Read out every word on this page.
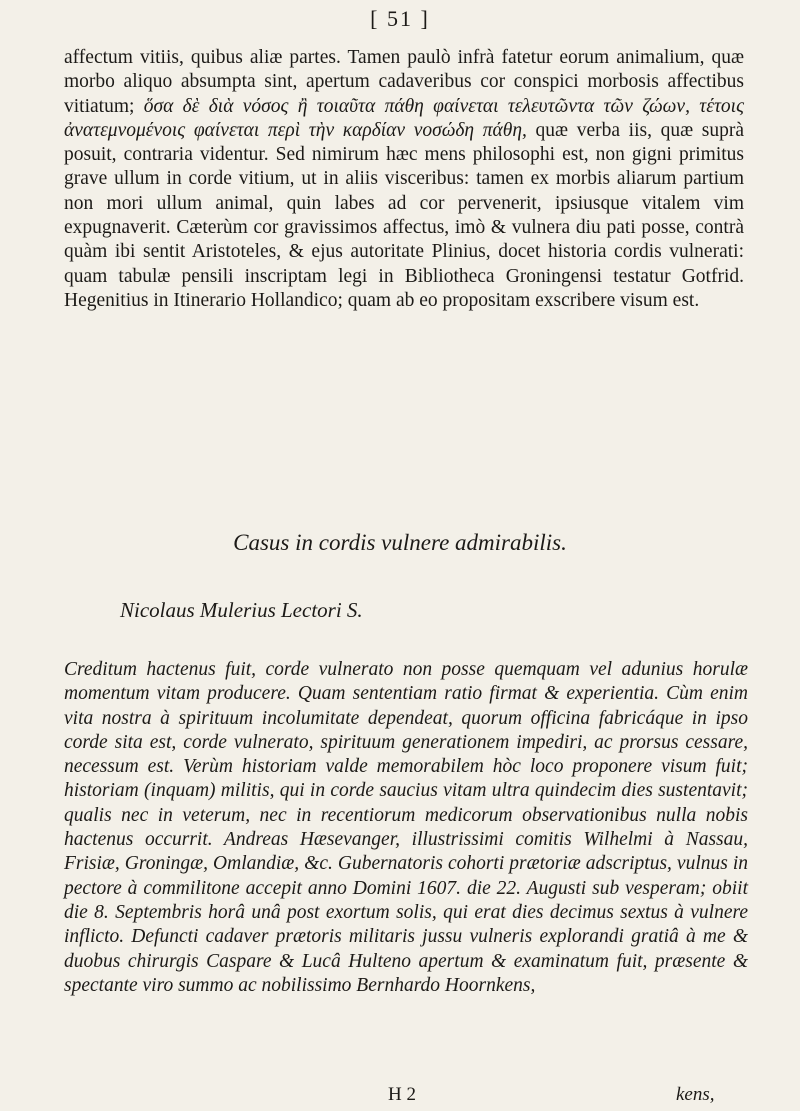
[ 51 ]
affectum vitiis, quibus aliæ partes. Tamen paulò infrà fatetur eorum animalium, quæ morbo aliquo absumpta sint, apertum cadaveribus cor conspici morbosis affectibus vitiatum; ὅσα δὲ διὰ νόσος ἢ τοιαῦτα πάθη φαίνεται τελευτῶντα τῶν ζώων, τέτοις ἀνατεμνομένοις φαίνεται περὶ τὴν καρδίαν νοσώδη πάθη, quæ verba iis, quæ suprà posuit, contraria videntur. Sed nimirum hæc mens philosophi est, non gigni primitus grave ullum in corde vitium, ut in aliis visceribus: tamen ex morbis aliarum partium non mori ullum animal, quin labes ad cor pervenerit, ipsiusque vitalem vim expugnaverit. Cæterùm cor gravissimos affectus, imò & vulnera diu pati posse, contrà quàm ibi sentit Aristoteles, & ejus autoritate Plinius, docet historia cordis vulnerati: quam tabulæ pensili inscriptam legi in Bibliotheca Groningensi testatur Gotfrid. Hegenitius in Itinerario Hollandico; quam ab eo propositam exscribere visum est.
Casus in cordis vulnere admirabilis.
Nicolaus Mulerius Lectori S.
Creditum hactenus fuit, corde vulnerato non posse quemquam vel adunius horulæ momentum vitam producere. Quam sententiam ratio firmat & experientia. Cùm enim vita nostra à spirituum incolumitate dependeat, quorum officina fabricáque in ipso corde sita est, corde vulnerato, spirituum generationem impediri, ac prorsus cessare, necessum est. Verùm historiam valde memorabilem hòc loco proponere visum fuit; historiam (inquam) militis, qui in corde saucius vitam ultra quindecim dies sustentavit; qualis nec in veterum, nec in recentiorum medicorum observationibus nulla nobis hactenus occurrit. Andreas Hæsevanger, illustrissimi comitis Wilhelmi à Nassau, Frisiæ, Groningæ, Omlandiæ, &c. Gubernatoris cohorti prætoriæ adscriptus, vulnus in pectore à commilitone accepit anno Domini 1607. die 22. Augusti sub vesperam; obiit die 8. Septembris horâ unâ post exortum solis, qui erat dies decimus sextus à vulnere inflicto. Defuncti cadaver prætoris militaris jussu vulneris explorandi gratiâ à me & duobus chirurgis Caspare & Lucâ Hulteno apertum & examinatum fuit, præsente & spectante viro summo ac nobilissimo Bernhardo Hoornkens,
H 2	kens,
